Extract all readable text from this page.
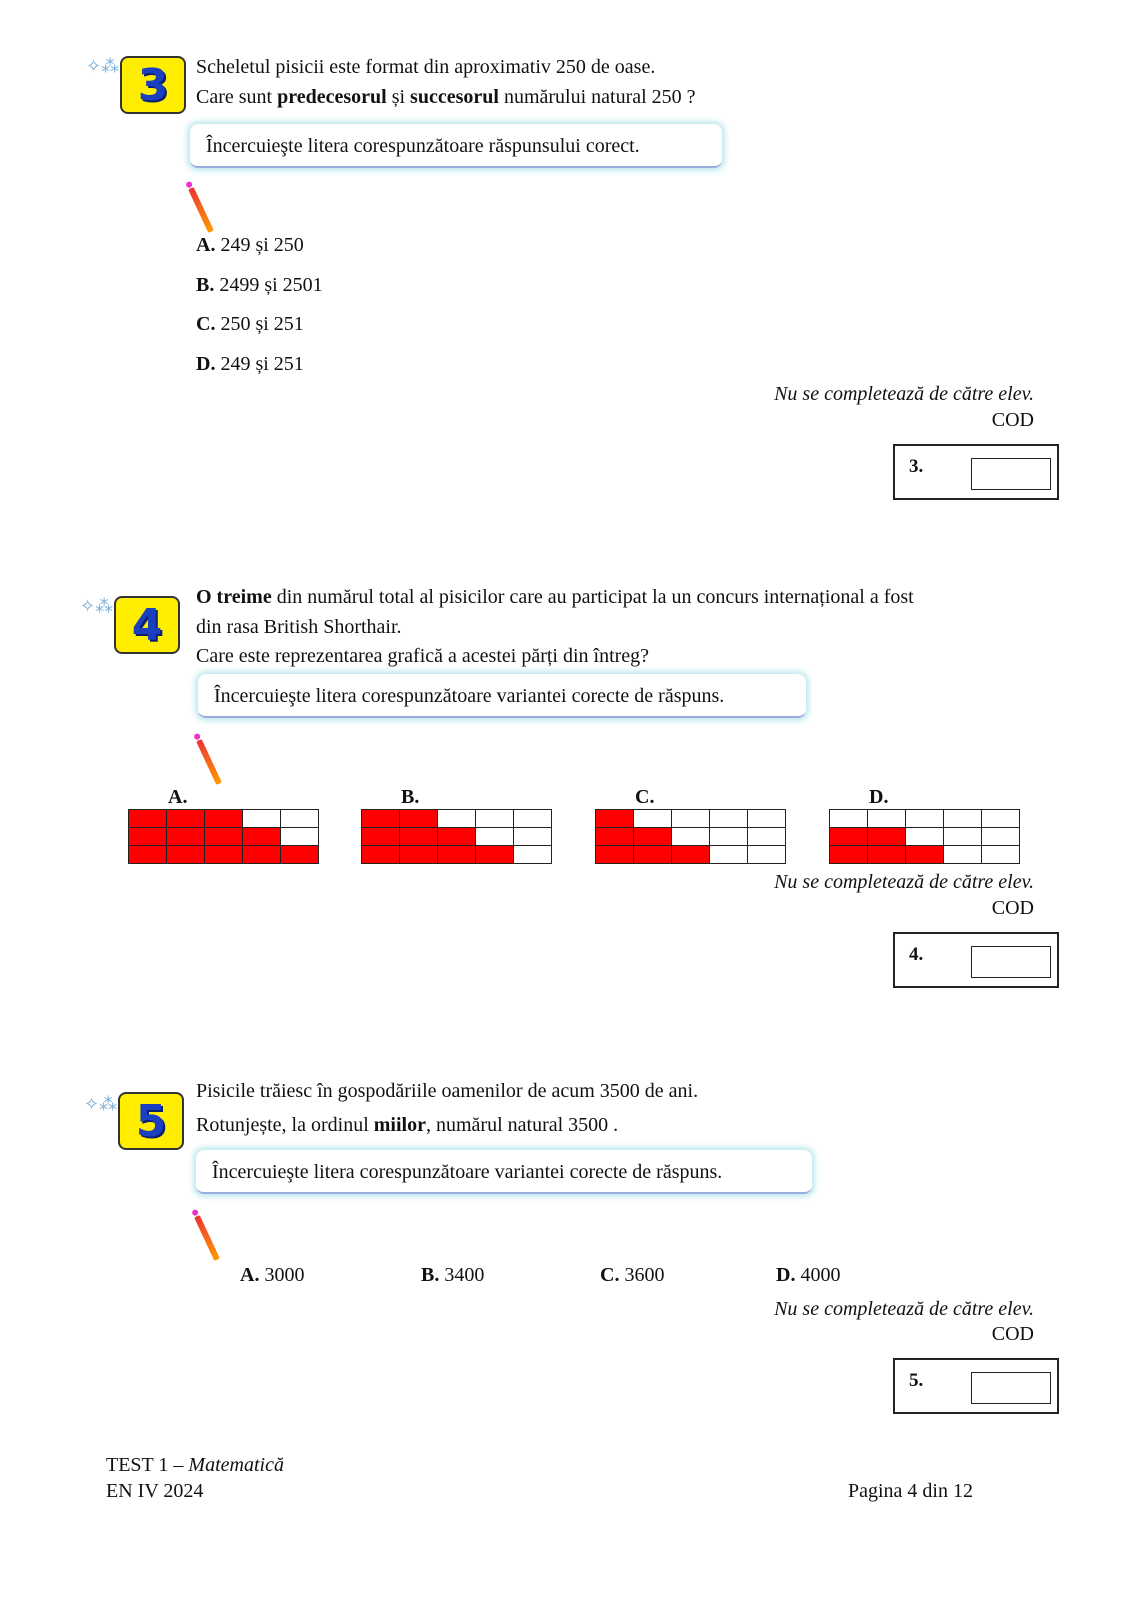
✧⁂ 3	Scheletul pisicii este format din aproximativ 250 de oase.
Care sunt predecesorul și succesorul numărului natural 250 ?
Încercuieşte litera corespunzătoare răspunsului corect.
A. 249 și 250
B. 2499 și 2501
C. 250 și 251
D. 249 și 251
Nu se completează de către elev.
COD
3.
✧⁂ 4
O treime din numărul total al pisicilor care au participat la un concurs internațional a fost
din rasa British Shorthair.
Care este reprezentarea grafică a acestei părți din întreg?
Încercuieşte litera corespunzătoare variantei corecte de răspuns.
A.	B.	C.	D.
Nu se completează de către elev.
COD
4.
✧⁂ 5
Pisicile trăiesc în gospodăriile oamenilor de acum 3500 de ani.
Rotunjește, la ordinul miilor, numărul natural 3500 .
Încercuieşte litera corespunzătoare variantei corecte de răspuns.
A. 3000	B. 3400	C. 3600	D. 4000
Nu se completează de către elev.
COD
5.
TEST 1 – Matematică
EN IV 2024	Pagina 4 din 12
